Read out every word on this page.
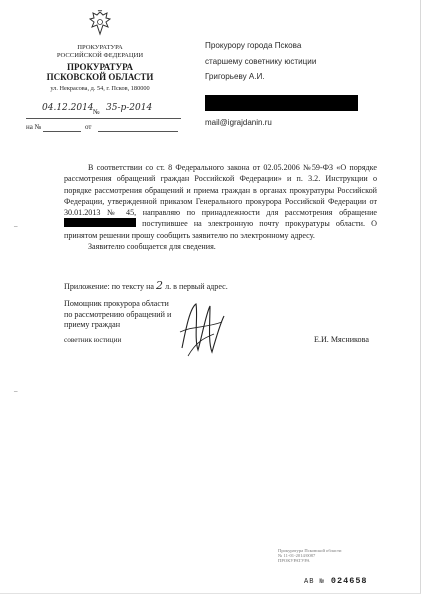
ПРОКУРАТУРА
РОССИЙСКОЙ ФЕДЕРАЦИИ
ПРОКУРАТУРА
ПСКОВСКОЙ ОБЛАСТИ
ул. Некрасова, д. 54, г. Псков, 180000
04.12.2014 № 35-р-2014
на №	от
Прокурору города Пскова
старшему советнику юстиции
Григорьеву А.И.
mail@igrajdanin.ru

В соответствии со ст. 8 Федерального закона от 02.05.2006 №59-ФЗ «О порядке рассмотрения обращений граждан Российской Федерации» и п. 3.2. Инструкции о порядке рассмотрения обращений и приема граждан в органах прокуратуры Российской Федерации, утвержденной приказом Генерального прокурора Российской Федерации от 30.01.2013 № 45, направляю по принадлежности для рассмотрения обращение  поступившее на электронную почту прокуратуры области. О принятом решении прошу сообщить заявителю по электронному адресу.

Заявителю сообщается для сведения.

Приложение: по тексту на 2 л. в первый адрес.
Помощник прокурора области
по рассмотрению обращений и
приему граждан
советник юстиции	Е.И. Мясникова
–
–
Прокуратура Псковской области
№ 11-01-2014/0087
ПРОКУРАТУРА
АВ № 024658
